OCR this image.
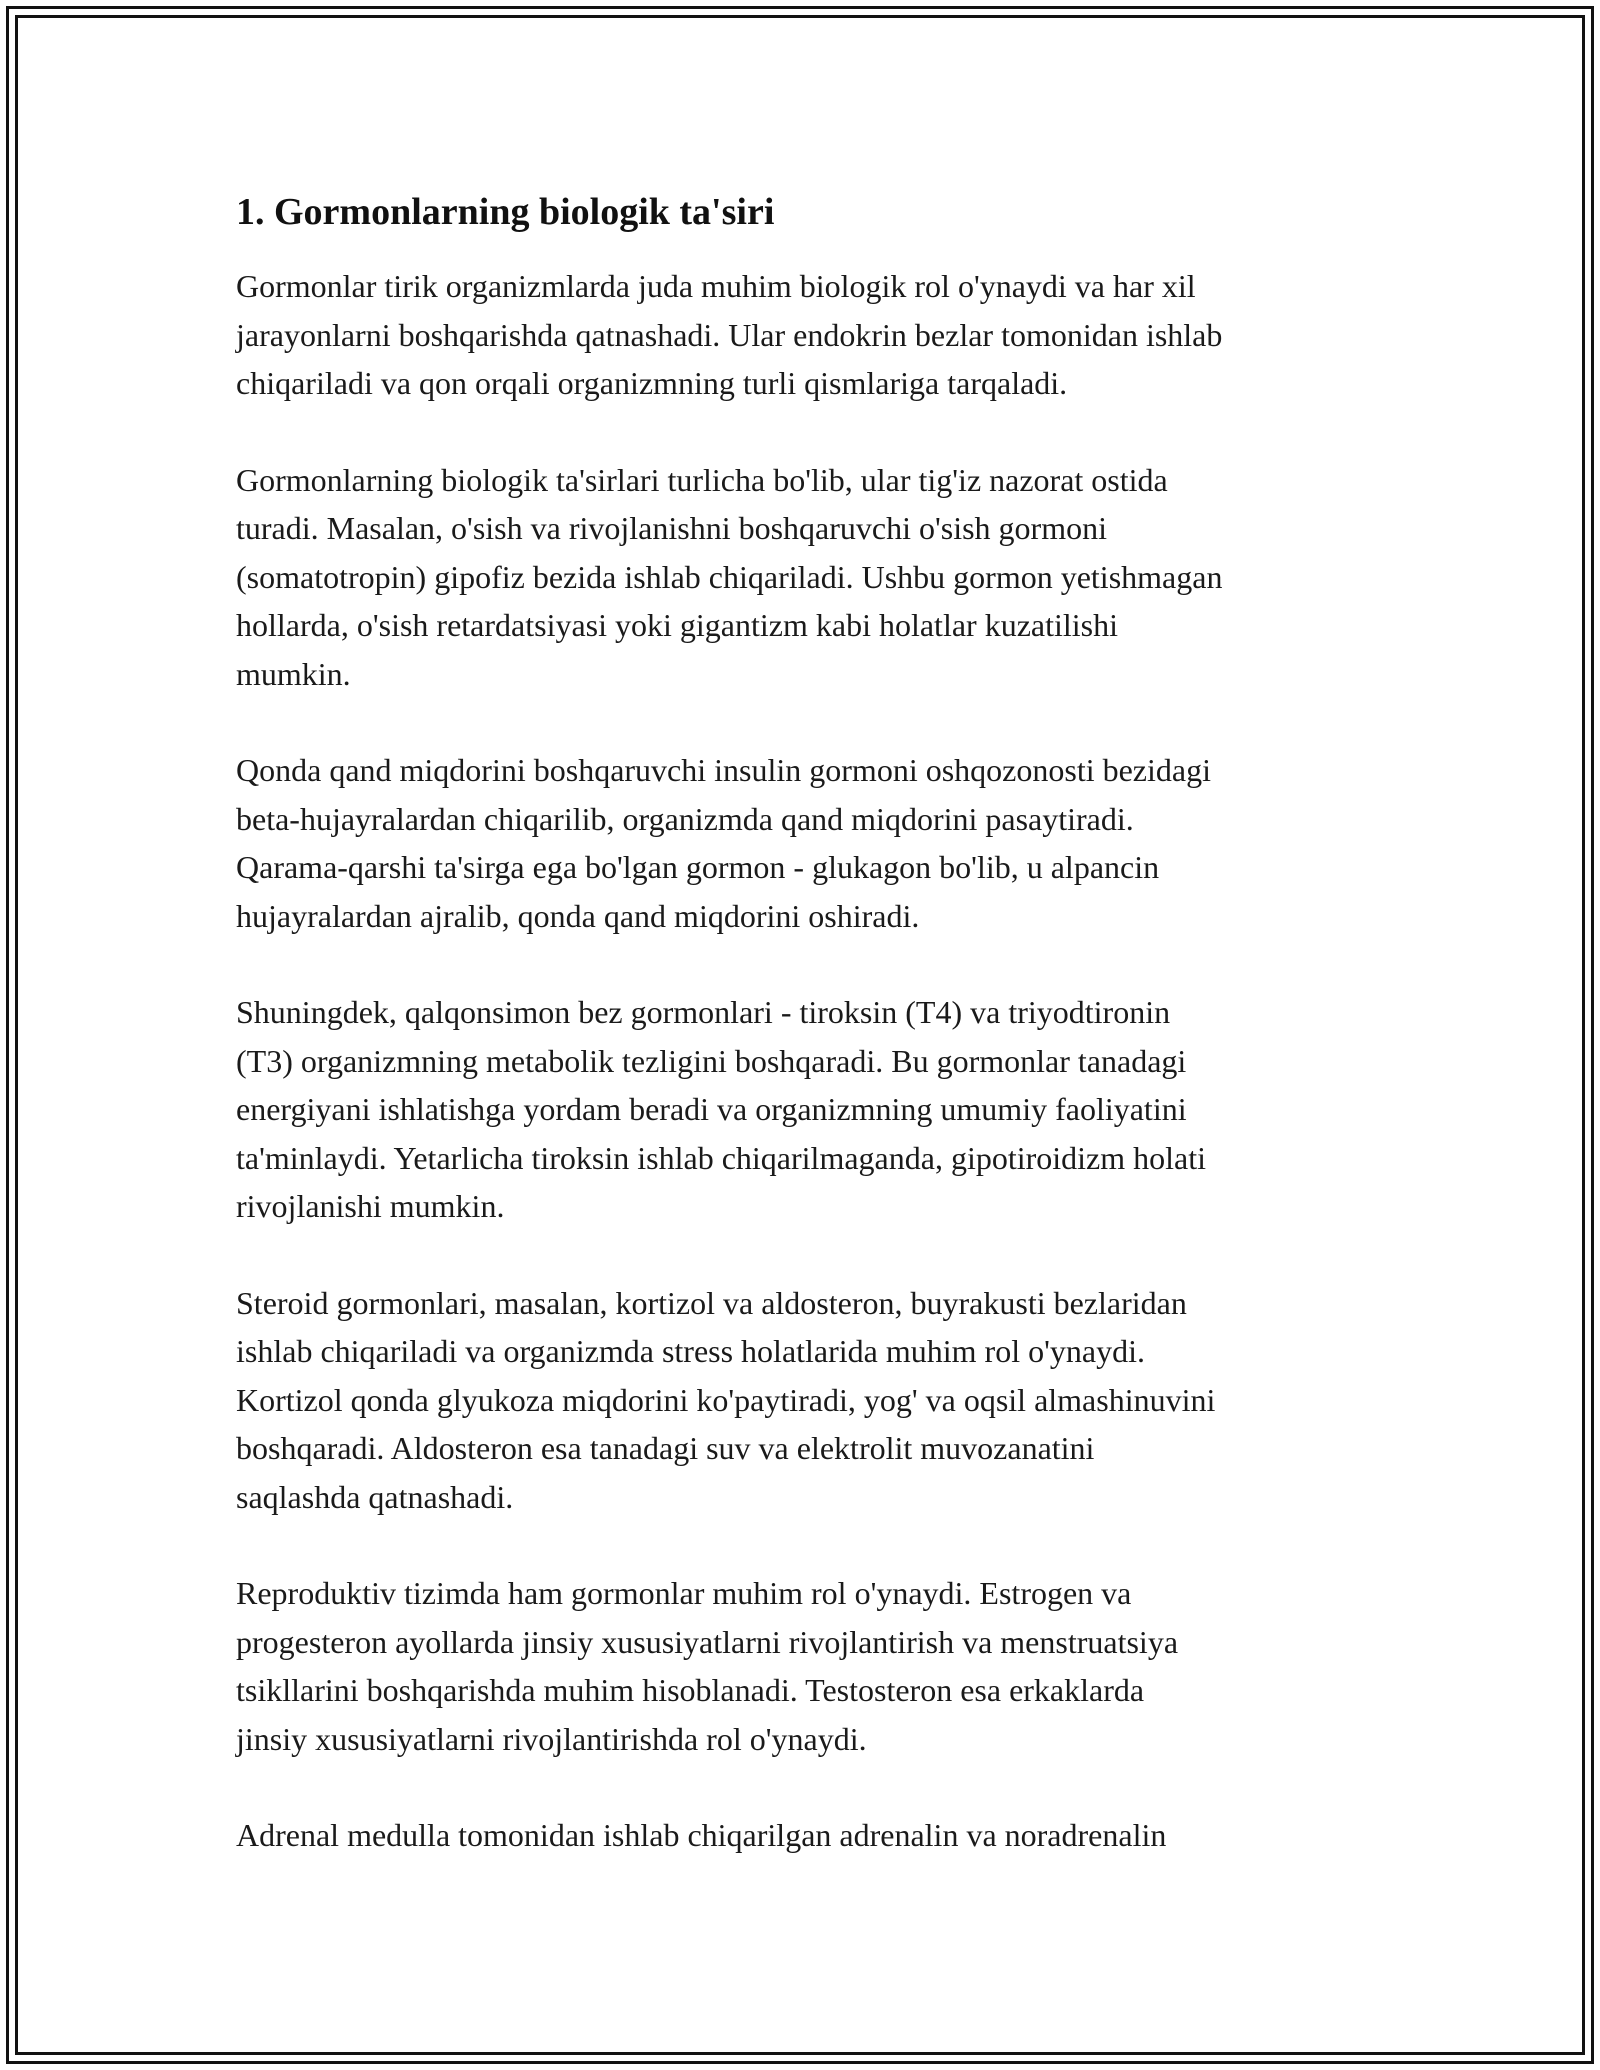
1. Gormonlarning biologik ta'siri

Gormonlar tirik organizmlarda juda muhim biologik rol o'ynaydi va har xil
jarayonlarni boshqarishda qatnashadi. Ular endokrin bezlar tomonidan ishlab
chiqariladi va qon orqali organizmning turli qismlariga tarqaladi.

Gormonlarning biologik ta'sirlari turlicha bo'lib, ular tig'iz nazorat ostida
turadi. Masalan, o'sish va rivojlanishni boshqaruvchi o'sish gormoni
(somatotropin) gipofiz bezida ishlab chiqariladi. Ushbu gormon yetishmagan
hollarda, o'sish retardatsiyasi yoki gigantizm kabi holatlar kuzatilishi
mumkin.

Qonda qand miqdorini boshqaruvchi insulin gormoni oshqozonosti bezidagi
beta-hujayralardan chiqarilib, organizmda qand miqdorini pasaytiradi.
Qarama-qarshi ta'sirga ega bo'lgan gormon - glukagon bo'lib, u alpancin
hujayralardan ajralib, qonda qand miqdorini oshiradi.

Shuningdek, qalqonsimon bez gormonlari - tiroksin (T4) va triyodtironin
(T3) organizmning metabolik tezligini boshqaradi. Bu gormonlar tanadagi
energiyani ishlatishga yordam beradi va organizmning umumiy faoliyatini
ta'minlaydi. Yetarlicha tiroksin ishlab chiqarilmaganda, gipotiroidizm holati
rivojlanishi mumkin.

Steroid gormonlari, masalan, kortizol va aldosteron, buyrakusti bezlaridan
ishlab chiqariladi va organizmda stress holatlarida muhim rol o'ynaydi.
Kortizol qonda glyukoza miqdorini ko'paytiradi, yog' va oqsil almashinuvini
boshqaradi. Aldosteron esa tanadagi suv va elektrolit muvozanatini
saqlashda qatnashadi.

Reproduktiv tizimda ham gormonlar muhim rol o'ynaydi. Estrogen va
progesteron ayollarda jinsiy xususiyatlarni rivojlantirish va menstruatsiya
tsikllarini boshqarishda muhim hisoblanadi. Testosteron esa erkaklarda
jinsiy xususiyatlarni rivojlantirishda rol o'ynaydi.

Adrenal medulla tomonidan ishlab chiqarilgan adrenalin va noradrenalin
